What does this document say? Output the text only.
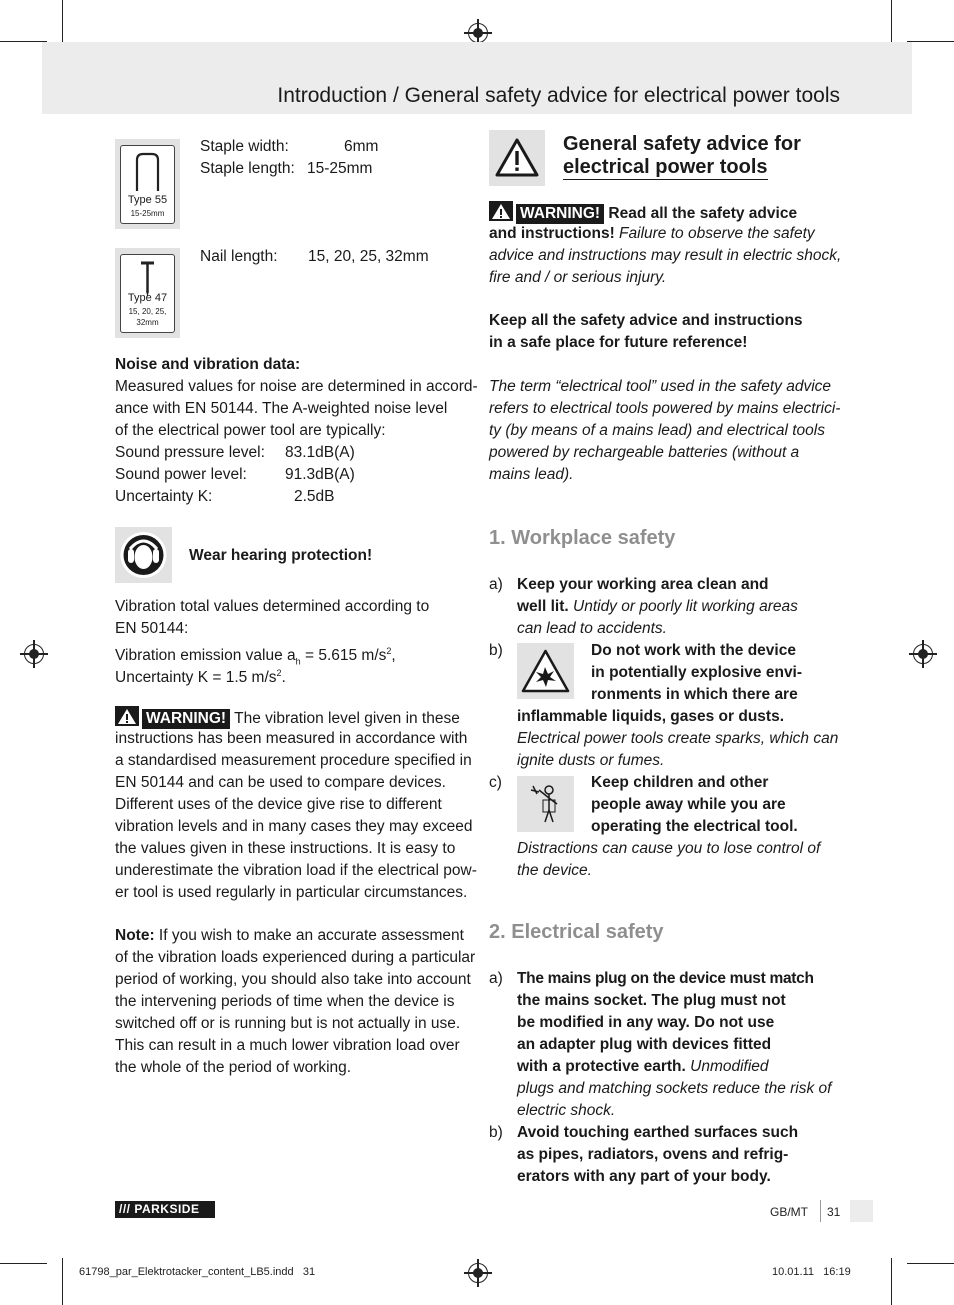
Introduction / General safety advice for electrical power tools
Type 55
15-25mm
Staple width:	6mm
Staple length: 15-25mm
Type 47
15, 20, 25,
32mm
Nail length: 15, 20, 25, 32mm
Noise and vibration data:
Measured values for noise are determined in accord-
ance with EN 50144. The A-weighted noise level
of the electrical power tool are typically:
Sound pressure level: 83.1dB(A)
Sound power level: 91.3dB(A)
Uncertainty K:	2.5dB
Wear hearing protection!
Vibration total values determined according to
EN 50144:
Vibration emission value $a_h = 5.615$ $m/s^2$,
Uncertainty K = 1.5 $m/s^2$.
WARNING! The vibration level given in these
instructions has been measured in accordance with
a standardised measurement procedure specified in
EN 50144 and can be used to compare devices.
Different uses of the device give rise to different
vibration levels and in many cases they may exceed
the values given in these instructions. It is easy to
underestimate the vibration load if the electrical pow-
er tool is used regularly in particular circumstances.
Note: If you wish to make an accurate assessment
of the vibration loads experienced during a particular
period of working, you should also take into account
the intervening periods of time when the device is
switched off or is running but is not actually in use.
This can result in a much lower vibration load over
the whole of the period of working.
General safety advice for
electrical power tools
WARNING! Read all the safety advice
and instructions! Failure to observe the safety
advice and instructions may result in electric shock,
fire and / or serious injury.
Keep all the safety advice and instructions
in a safe place for future reference!
The term “electrical tool” used in the safety advice
refers to electrical tools powered by mains electrici-
ty (by means of a mains lead) and electrical tools
powered by rechargeable batteries (without a
mains lead).
1. Workplace safety
a) Keep your working area clean and
well lit. Untidy or poorly lit working areas
can lead to accidents.
b)	Do not work with the device
in potentially explosive envi-
ronments in which there are
inflammable liquids, gases or dusts.
Electrical power tools create sparks, which can
ignite dusts or fumes.
c)	Keep children and other
people away while you are
operating the electrical tool.
Distractions can cause you to lose control of
the device.
2. Electrical safety
a) The mains plug on the device must match
the mains socket. The plug must not
be modified in any way. Do not use
an adapter plug with devices fitted
with a protective earth. Unmodified
plugs and matching sockets reduce the risk of
electric shock.
b) Avoid touching earthed surfaces such
as pipes, radiators, ovens and refrig-
erators with any part of your body.
/// PARKSIDE	GB/MT 31
61798_par_Elektrotacker_content_LB5.indd   31	10.01.11   16:19
